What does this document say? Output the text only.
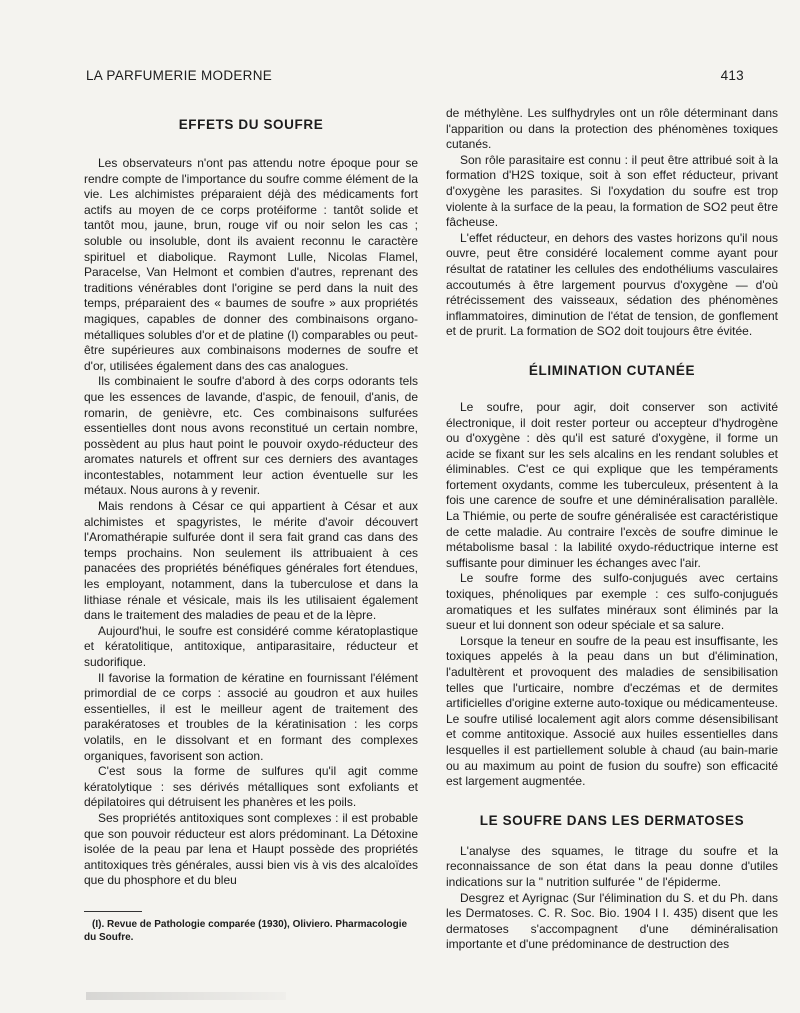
LA PARFUMERIE MODERNE	413
EFFETS DU SOUFRE

Les observateurs n'ont pas attendu notre époque pour se rendre compte de l'importance du soufre comme élément de la vie. Les alchimistes préparaient déjà des médicaments fort actifs au moyen de ce corps protéiforme : tantôt solide et tantôt mou, jaune, brun, rouge vif ou noir selon les cas ; soluble ou insoluble, dont ils avaient reconnu le caractère spirituel et diabolique. Raymont Lulle, Nicolas Flamel, Paracelse, Van Helmont et combien d'autres, reprenant des traditions vénérables dont l'origine se perd dans la nuit des temps, préparaient des « baumes de soufre » aux propriétés magiques, capables de donner des combinaisons organo-métalliques solubles d'or et de platine (I) comparables ou peut-être supérieures aux combinaisons modernes de soufre et d'or, utilisées également dans des cas analogues.

Ils combinaient le soufre d'abord à des corps odorants tels que les essences de lavande, d'aspic, de fenouil, d'anis, de romarin, de genièvre, etc. Ces combinaisons sulfurées essentielles dont nous avons reconstitué un certain nombre, possèdent au plus haut point le pouvoir oxydo-réducteur des aromates naturels et offrent sur ces derniers des avantages incontestables, notamment leur action éventuelle sur les métaux. Nous aurons à y revenir.

Mais rendons à César ce qui appartient à César et aux alchimistes et spagyristes, le mérite d'avoir découvert l'Aromathérapie sulfurée dont il sera fait grand cas dans des temps prochains. Non seulement ils attribuaient à ces panacées des propriétés bénéfiques générales fort étendues, les employant, notamment, dans la tuberculose et dans la lithiase rénale et vésicale, mais ils les utilisaient également dans le traitement des maladies de peau et de la lèpre.

Aujourd'hui, le soufre est considéré comme kératoplastique et kératolitique, antitoxique, antiparasitaire, réducteur et sudorifique.

Il favorise la formation de kératine en fournissant l'élément primordial de ce corps : associé au goudron et aux huiles essentielles, il est le meilleur agent de traitement des parakératoses et troubles de la kératinisation : les corps volatils, en le dissolvant et en formant des complexes organiques, favorisent son action.

C'est sous la forme de sulfures qu'il agit comme kératolytique : ses dérivés métalliques sont exfoliants et dépilatoires qui détruisent les phanères et les poils.

Ses propriétés antitoxiques sont complexes : il est probable que son pouvoir réducteur est alors prédominant. La Détoxine isolée de la peau par lena et Haupt possède des propriétés antitoxiques très générales, aussi bien vis à vis des alcaloïdes que du phosphore et du bleu

(I). Revue de Pathologie comparée (1930), Oliviero. Pharmacologie du Soufre.

de méthylène. Les sulfhydryles ont un rôle déterminant dans l'apparition ou dans la protection des phénomènes toxiques cutanés.

Son rôle parasitaire est connu : il peut être attribué soit à la formation d'H2S toxique, soit à son effet réducteur, privant d'oxygène les parasites. Si l'oxydation du soufre est trop violente à la surface de la peau, la formation de SO2 peut être fâcheuse.

L'effet réducteur, en dehors des vastes horizons qu'il nous ouvre, peut être considéré localement comme ayant pour résultat de ratatiner les cellules des endothéliums vasculaires accoutumés à être largement pourvus d'oxygène — d'où rétrécissement des vaisseaux, sédation des phénomènes inflammatoires, diminution de l'état de tension, de gonflement et de prurit. La formation de SO2 doit toujours être évitée.

ÉLIMINATION CUTANÉE

Le soufre, pour agir, doit conserver son activité électronique, il doit rester porteur ou accepteur d'hydrogène ou d'oxygène : dès qu'il est saturé d'oxygène, il forme un acide se fixant sur les sels alcalins en les rendant solubles et éliminables. C'est ce qui explique que les tempéraments fortement oxydants, comme les tuberculeux, présentent à la fois une carence de soufre et une déminéralisation parallèle. La Thiémie, ou perte de soufre généralisée est caractéristique de cette maladie. Au contraire l'excès de soufre diminue le métabolisme basal : la labilité oxydo-réductrique interne est suffisante pour diminuer les échanges avec l'air.

Le soufre forme des sulfo-conjugués avec certains toxiques, phénoliques par exemple : ces sulfo-conjugués aromatiques et les sulfates minéraux sont éliminés par la sueur et lui donnent son odeur spéciale et sa salure.

Lorsque la teneur en soufre de la peau est insuffisante, les toxiques appelés à la peau dans un but d'élimination, l'adultèrent et provoquent des maladies de sensibilisation telles que l'urticaire, nombre d'eczémas et de dermites artificielles d'origine externe auto-toxique ou médicamenteuse. Le soufre utilisé localement agit alors comme désensibilisant et comme antitoxique. Associé aux huiles essentielles dans lesquelles il est partiellement soluble à chaud (au bain-marie ou au maximum au point de fusion du soufre) son efficacité est largement augmentée.

LE SOUFRE DANS LES DERMATOSES

L'analyse des squames, le titrage du soufre et la reconnaissance de son état dans la peau donne d'utiles indications sur la " nutrition sulfurée " de l'épiderme.

Desgrez et Ayrignac (Sur l'élimination du S. et du Ph. dans les Dermatoses. C. R. Soc. Bio. 1904 I I. 435) disent que les dermatoses s'accompagnent d'une déminéralisation importante et d'une prédominance de destruction des
